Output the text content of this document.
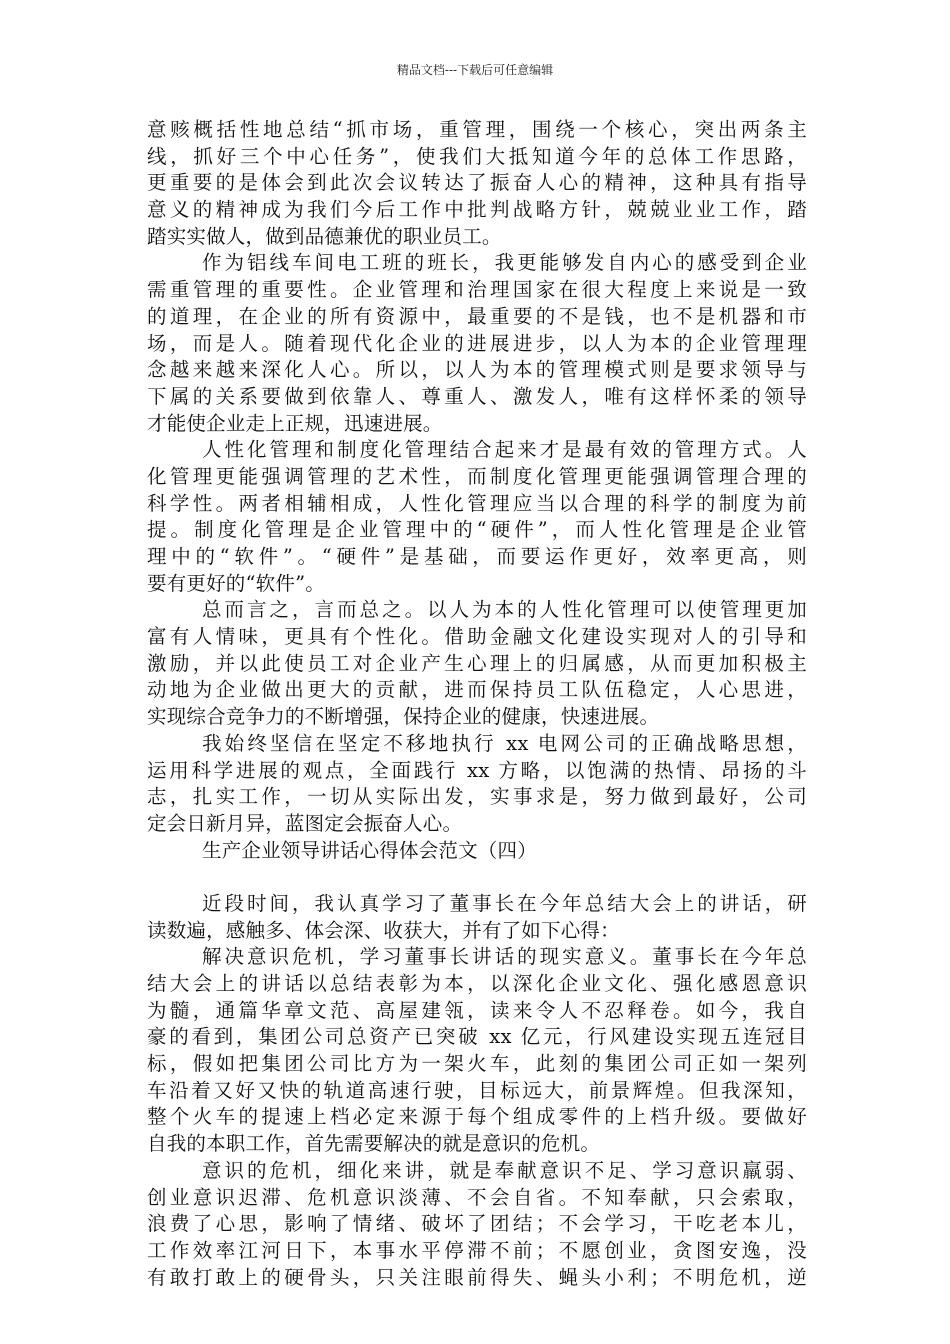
精品文档---下载后可任意编辑
意赅概括性地总结“抓市场，重管理，围绕一个核心，突出两条主
线，抓好三个中心任务”，使我们大抵知道今年的总体工作思路，
更重要的是体会到此次会议转达了振奋人心的精神，这种具有指导
意义的精神成为我们今后工作中批判战略方针，兢兢业业工作，踏
踏实实做人，做到品德兼优的职业员工。
作为铝线车间电工班的班长，我更能够发自内心的感受到企业
需重管理的重要性。企业管理和治理国家在很大程度上来说是一致
的道理，在企业的所有资源中，最重要的不是钱，也不是机器和市
场，而是人。随着现代化企业的进展进步，以人为本的企业管理理
念越来越来深化人心。所以，以人为本的管理模式则是要求领导与
下属的关系要做到依靠人、尊重人、激发人，唯有这样怀柔的领导
才能使企业走上正规，迅速进展。
人性化管理和制度化管理结合起来才是最有效的管理方式。人
化管理更能强调管理的艺术性，而制度化管理更能强调管理合理的
科学性。两者相辅相成，人性化管理应当以合理的科学的制度为前
提。制度化管理是企业管理中的“硬件”，而人性化管理是企业管
理中的“软件”。“硬件”是基础，而要运作更好，效率更高，则
要有更好的“软件”。
总而言之，言而总之。以人为本的人性化管理可以使管理更加
富有人情味，更具有个性化。借助金融文化建设实现对人的引导和
激励，并以此使员工对企业产生心理上的归属感，从而更加积极主
动地为企业做出更大的贡献，进而保持员工队伍稳定，人心思进，
实现综合竞争力的不断增强，保持企业的健康，快速进展。
我始终坚信在坚定不移地执行 xx 电网公司的正确战略思想，
运用科学进展的观点，全面践行 xx 方略，以饱满的热情、昂扬的斗
志，扎实工作，一切从实际出发，实事求是，努力做到最好，公司
定会日新月异，蓝图定会振奋人心。
生产企业领导讲话心得体会范文（四）
近段时间，我认真学习了董事长在今年总结大会上的讲话，研
读数遍，感触多、体会深、收获大，并有了如下心得：
解决意识危机，学习董事长讲话的现实意义。董事长在今年总
结大会上的讲话以总结表彰为本，以深化企业文化、强化感恩意识
为髓，通篇华章文范、高屋建瓴，读来令人不忍释卷。如今，我自
豪的看到，集团公司总资产已突破 xx 亿元，行风建设实现五连冠目
标，假如把集团公司比方为一架火车，此刻的集团公司正如一架列
车沿着又好又快的轨道高速行驶，目标远大，前景辉煌。但我深知，
整个火车的提速上档必定来源于每个组成零件的上档升级。要做好
自我的本职工作，首先需要解决的就是意识的危机。
意识的危机，细化来讲，就是奉献意识不足、学习意识羸弱、
创业意识迟滞、危机意识淡薄、不会自省。不知奉献，只会索取，
浪费了心思，影响了情绪、破坏了团结；不会学习，干吃老本儿，
工作效率江河日下，本事水平停滞不前；不愿创业，贪图安逸，没
有敢打敢上的硬骨头，只关注眼前得失、蝇头小利；不明危机，逆
